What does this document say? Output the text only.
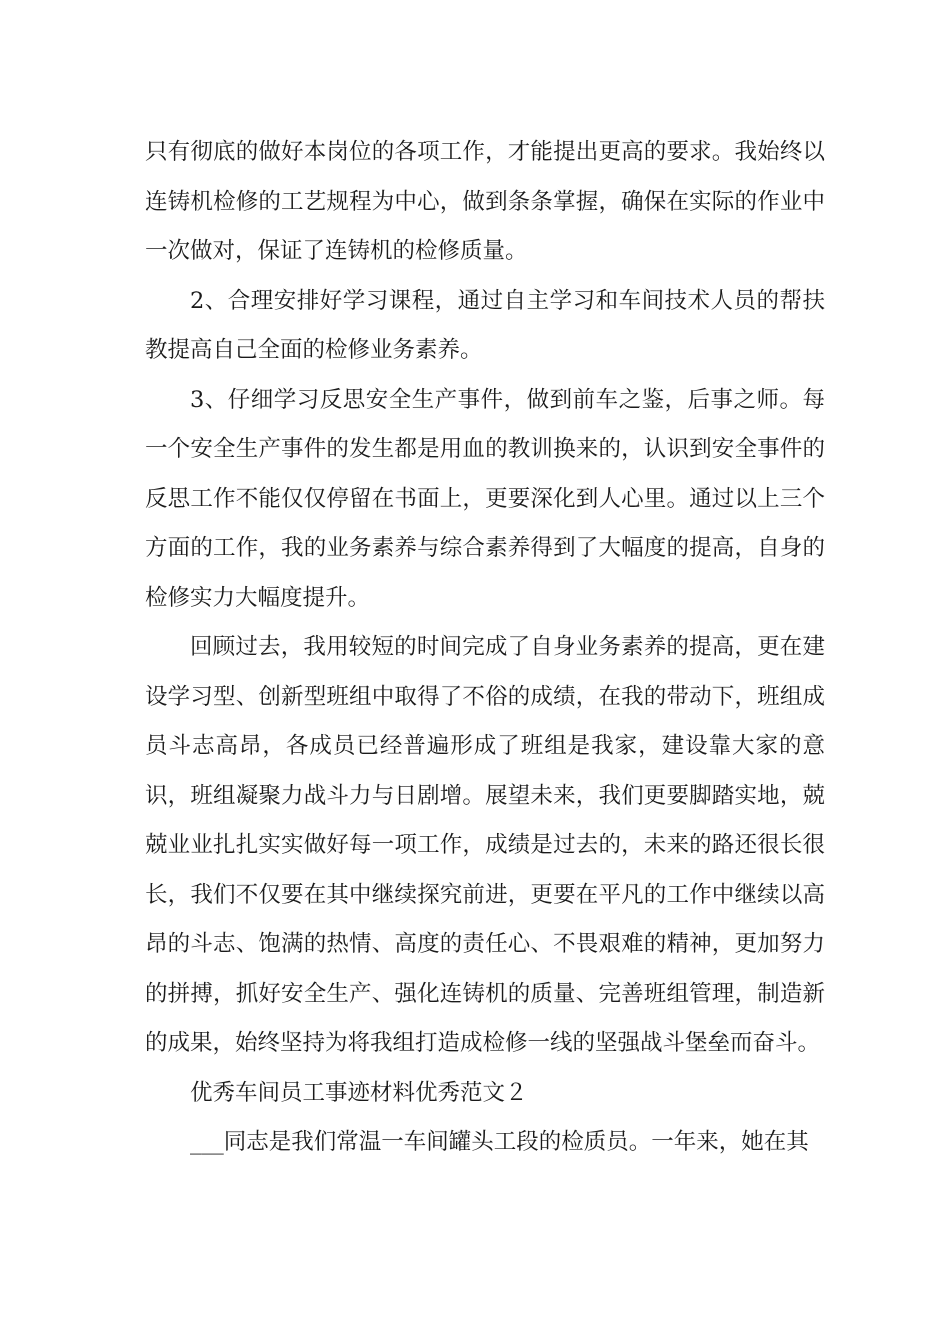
只有彻底的做好本岗位的各项工作，才能提出更高的要求。我始终以连铸机检修的工艺规程为中心，做到条条掌握，确保在实际的作业中一次做对，保证了连铸机的检修质量。

2、合理安排好学习课程，通过自主学习和车间技术人员的帮扶教提高自己全面的检修业务素养。

3、仔细学习反思安全生产事件，做到前车之鉴，后事之师。每一个安全生产事件的发生都是用血的教训换来的，认识到安全事件的反思工作不能仅仅停留在书面上，更要深化到人心里。通过以上三个方面的工作，我的业务素养与综合素养得到了大幅度的提高，自身的检修实力大幅度提升。

回顾过去，我用较短的时间完成了自身业务素养的提高，更在建设学习型、创新型班组中取得了不俗的成绩，在我的带动下，班组成员斗志高昂，各成员已经普遍形成了班组是我家，建设靠大家的意识，班组凝聚力战斗力与日剧增。展望未来，我们更要脚踏实地，兢兢业业扎扎实实做好每一项工作，成绩是过去的，未来的路还很长很长，我们不仅要在其中继续探究前进，更要在平凡的工作中继续以高昂的斗志、饱满的热情、高度的责任心、不畏艰难的精神，更加努力的拼搏，抓好安全生产、强化连铸机的质量、完善班组管理，制造新的成果，始终坚持为将我组打造成检修一线的坚强战斗堡垒而奋斗。

优秀车间员工事迹材料优秀范文２

___同志是我们常温一车间罐头工段的检质员。一年来，她在其
